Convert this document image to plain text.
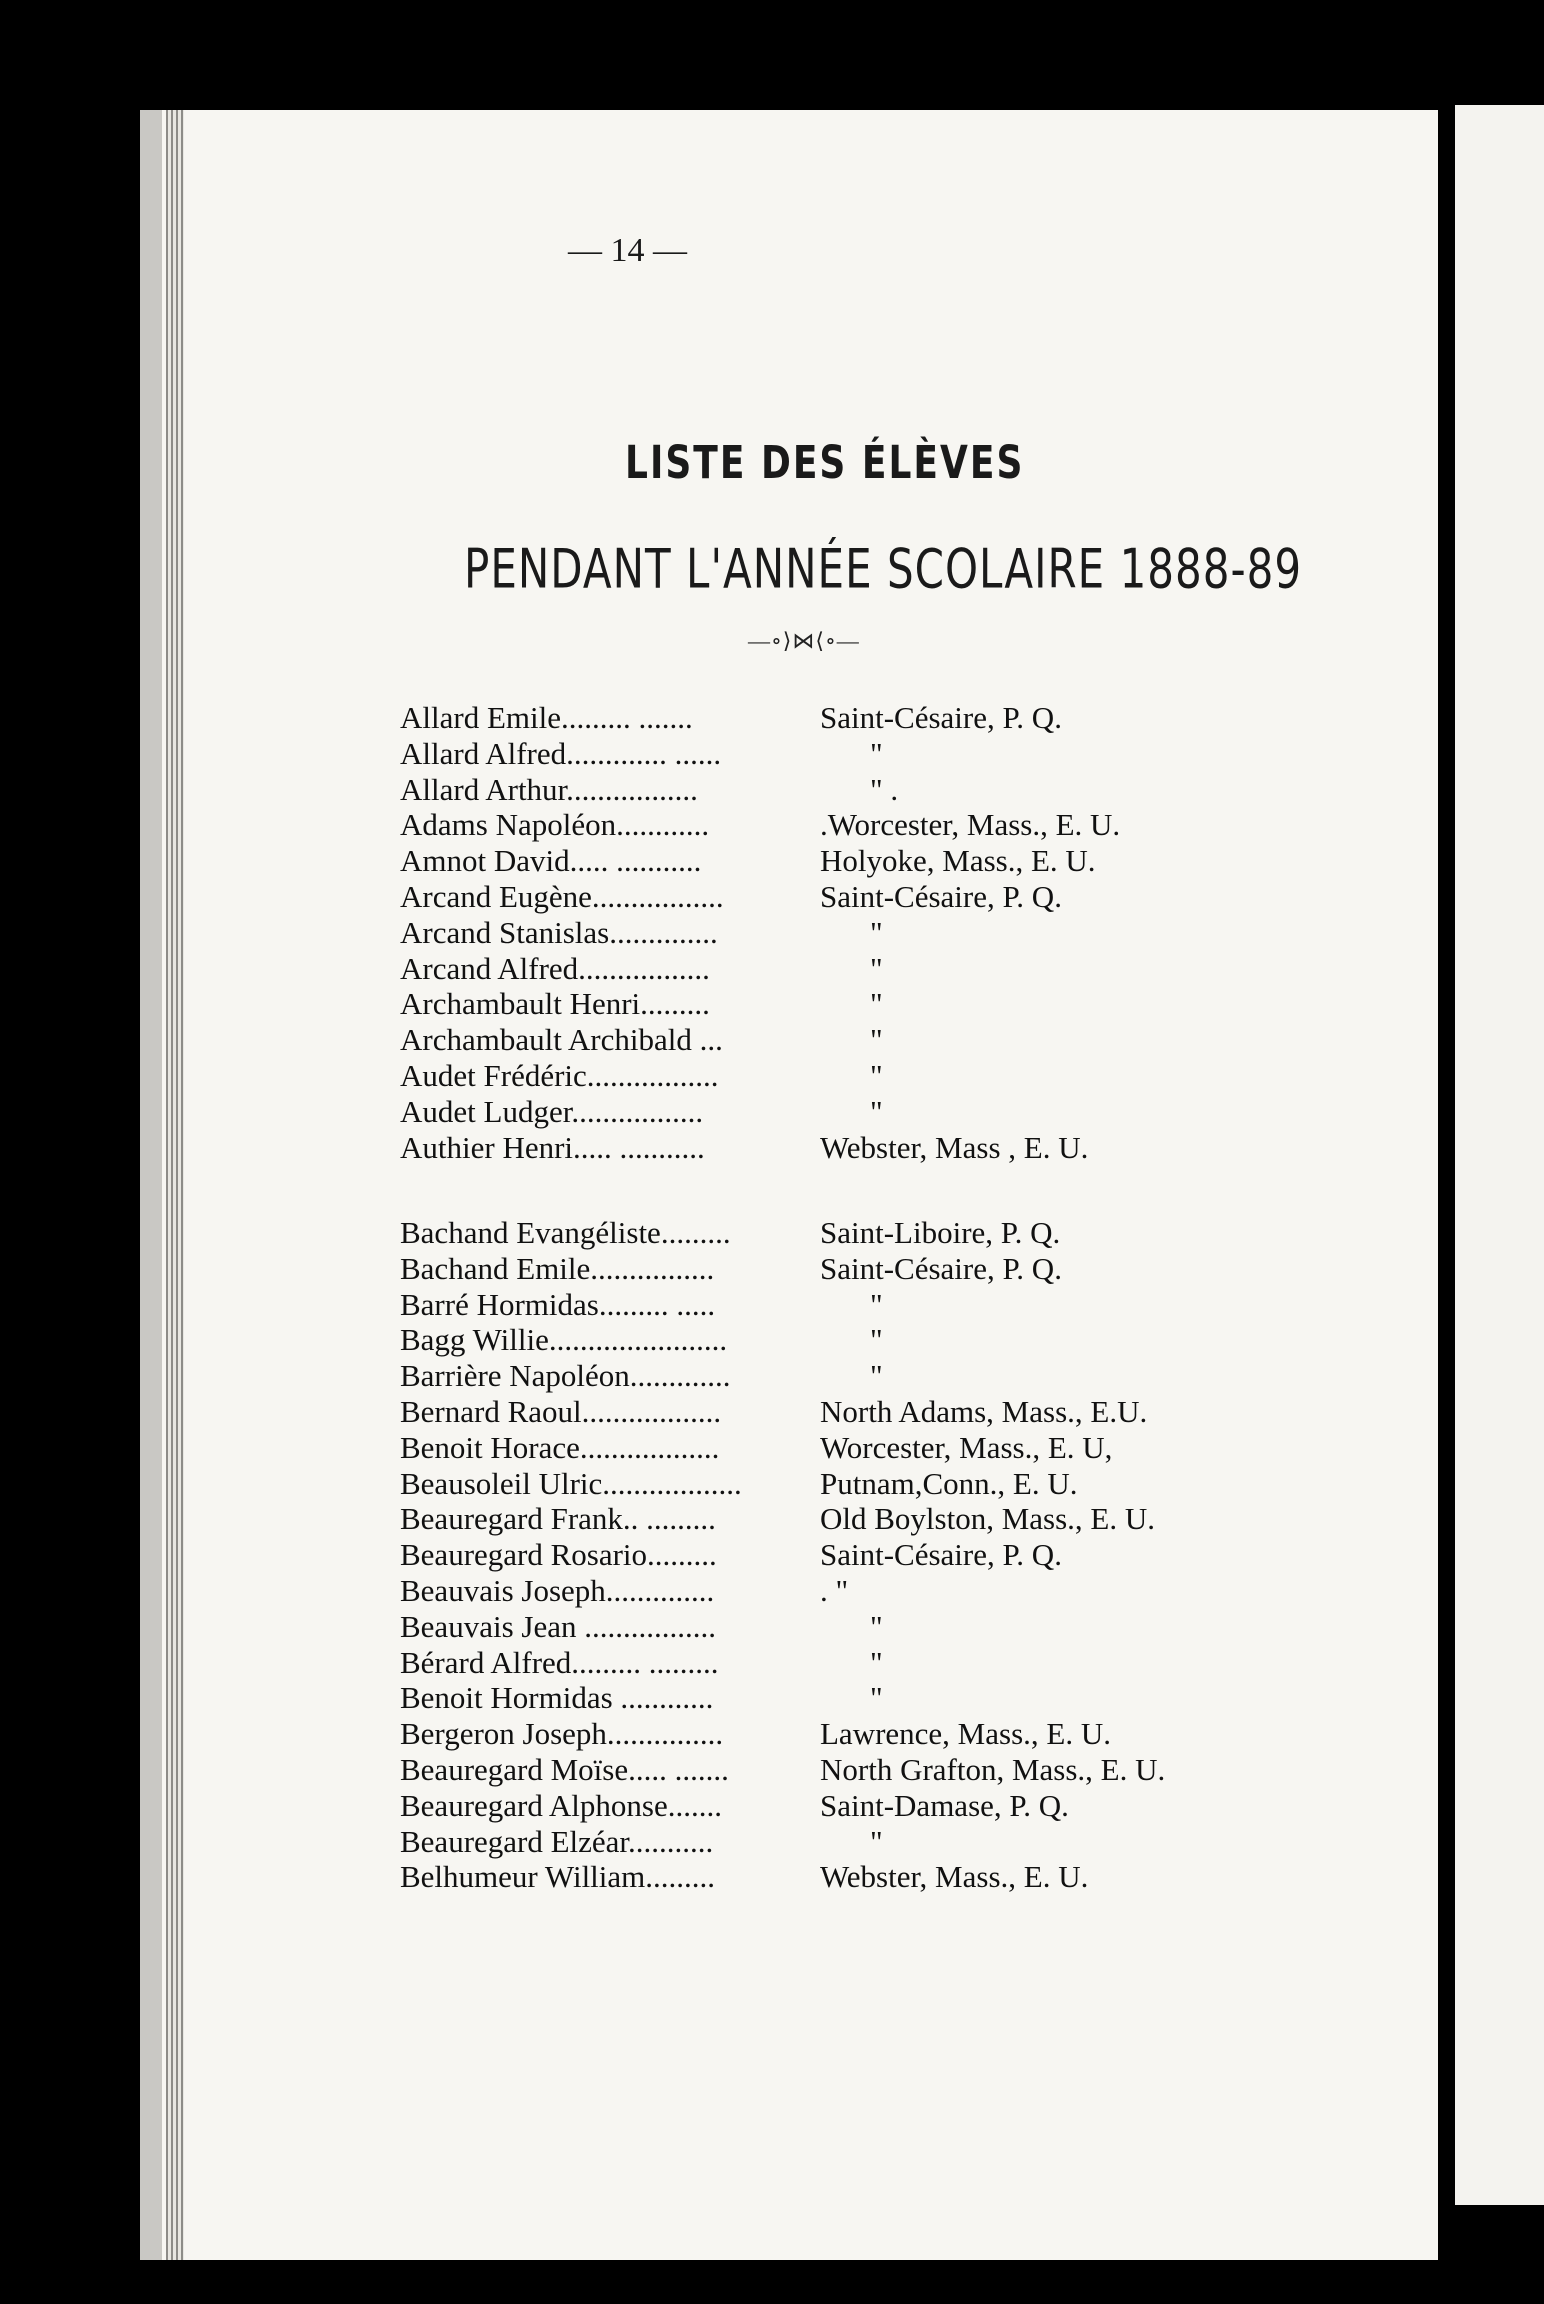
— 14 —
LISTE DES ÉLÈVES
PENDANT L'ANNÉE SCOLAIRE 1888-89
—∘⟩⋈⟨∘—
Allard Emile......... .......	Saint-Césaire, P. Q.
Allard Alfred............. ......	"
Allard Arthur.................	" .
Adams Napoléon............	.Worcester, Mass., E. U.
Amnot David..... ...........	Holyoke, Mass., E. U.
Arcand Eugène.................	Saint-Césaire, P. Q.
Arcand Stanislas..............	"
Arcand Alfred.................	"
Archambault Henri.........	"
Archambault Archibald ...	"
Audet Frédéric.................	"
Audet Ludger.................	"
Authier Henri..... ...........	Webster, Mass , E. U.
Bachand Evangéliste.........	Saint-Liboire, P. Q.
Bachand Emile................	Saint-Césaire, P. Q.
Barré Hormidas......... .....	"
Bagg Willie.......................	"
Barrière Napoléon.............	"
Bernard Raoul..................	North Adams, Mass., E.U.
Benoit Horace..................	Worcester, Mass., E. U,
Beausoleil Ulric..................	Putnam,Conn., E. U.
Beauregard Frank.. .........	Old Boylston, Mass., E. U.
Beauregard Rosario.........	Saint-Césaire, P. Q.
Beauvais Joseph..............	. "
Beauvais Jean .................	"
Bérard Alfred......... .........	"
Benoit Hormidas ............	"
Bergeron Joseph...............	Lawrence, Mass., E. U.
Beauregard Moïse..... .......	North Grafton, Mass., E. U.
Beauregard Alphonse.......	Saint-Damase, P. Q.
Beauregard Elzéar...........	"
Belhumeur William.........	Webster, Mass., E. U.
